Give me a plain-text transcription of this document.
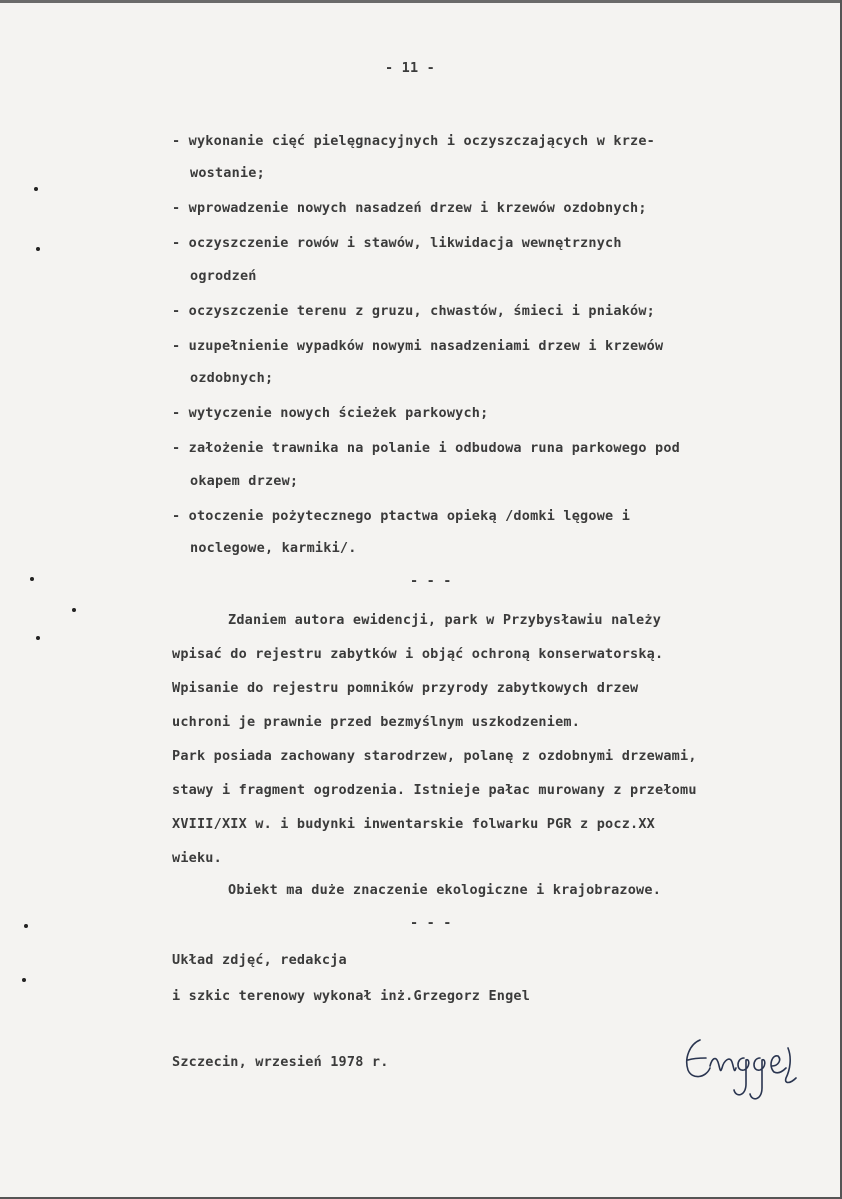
- 11 -
- wykonanie cięć pielęgnacyjnych i oczyszczających w krze-
wostanie;
- wprowadzenie nowych nasadzeń drzew i krzewów ozdobnych;
- oczyszczenie rowów i stawów, likwidacja wewnętrznych
ogrodzeń
- oczyszczenie terenu z gruzu, chwastów, śmieci i pniaków;
- uzupełnienie wypadków nowymi nasadzeniami drzew i krzewów
ozdobnych;
- wytyczenie nowych ścieżek parkowych;
- założenie trawnika na polanie i odbudowa runa parkowego pod
okapem drzew;
- otoczenie pożytecznego ptactwa opieką /domki lęgowe i
noclegowe, karmiki/.
- - -
Zdaniem autora ewidencji, park w Przybysławiu należy
wpisać do rejestru zabytków i objąć ochroną konserwatorską.
Wpisanie do rejestru pomników przyrody zabytkowych drzew
uchroni je prawnie przed bezmyślnym uszkodzeniem.
Park posiada zachowany starodrzew, polanę z ozdobnymi drzewami,
stawy i fragment ogrodzenia. Istnieje pałac murowany z przełomu
XVIII/XIX w. i budynki inwentarskie folwarku PGR z pocz.XX
wieku.
Obiekt ma duże znaczenie ekologiczne i krajobrazowe.
- - -
Układ zdjęć, redakcja
i szkic terenowy wykonał inż.Grzegorz Engel
Szczecin, wrzesień 1978 r.
